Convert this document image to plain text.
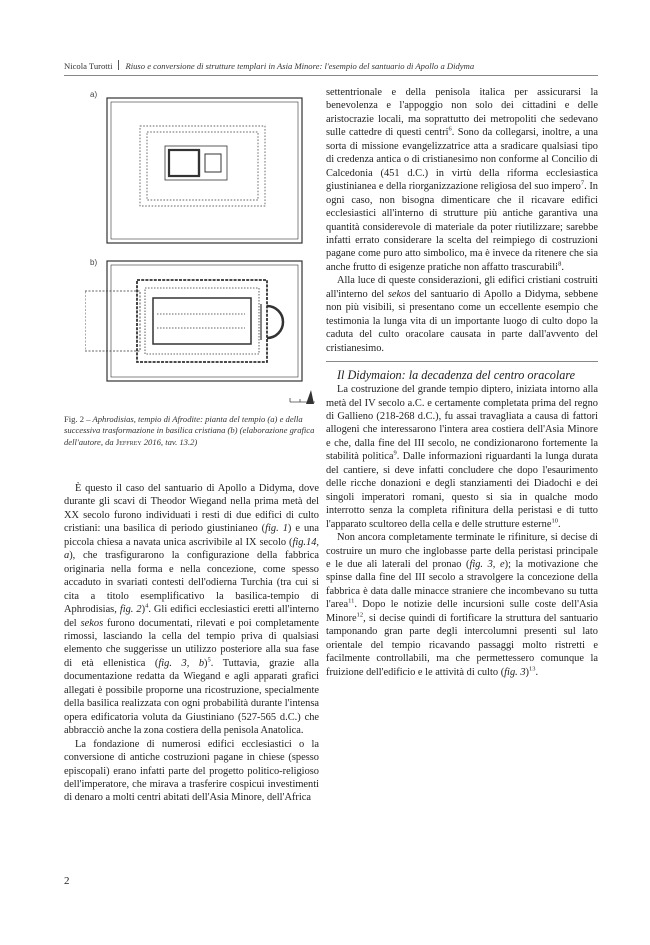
Nicola Turotti Riuso e conversione di strutture templari in Asia Minore: l'esempio del santuario di Apollo a Didyma
a)
b)
Fig. 2 – Aphrodisias, tempio di Afrodite: pianta del tempio (a) e della successiva trasformazione in basilica cristiana (b) (elaborazione grafica dell'autore, da Jeffrey 2016, tav. 13.2)

settentrionale e della penisola italica per assicurarsi la benevolenza e l'appoggio non solo dei cittadini e delle aristocrazie locali, ma soprattutto dei metropoliti che sedevano sulle cattedre di questi centri$^6$. Sono da collegarsi, inoltre, a una sorta di missione evangelizzatrice atta a sradicare qualsiasi tipo di credenza antica o di cristianesimo non conforme al Concilio di Calcedonia (451 d.C.) in virtù della riforma ecclesiastica giustinianea e della riorganizzazione religiosa del suo impero$^7$. In ogni caso, non bisogna dimenticare che il ricavare edifici ecclesiastici all'interno di strutture più antiche garantiva una quantità considerevole di materiale da poter riutilizzare; sarebbe infatti errato considerare la scelta del reimpiego di costruzioni pagane come puro atto simbolico, ma è invece da ritenere che sia anche frutto di esigenze pratiche non affatto trascurabili$^8$.

Alla luce di queste considerazioni, gli edifici cristiani costruiti all'interno del sekos del santuario di Apollo a Didyma, sebbene non più visibili, si presentano come un eccellente esempio che testimonia la lunga vita di un importante luogo di culto dopo la caduta del culto oracolare causata in parte dall'avvento del cristianesimo.

Il Didymaion: la decadenza del centro oracolare

La costruzione del grande tempio diptero, iniziata intorno alla metà del IV secolo a.C. e certamente completata prima del regno di Gallieno (218-268 d.C.), fu assai travagliata a causa di fattori allogeni che interessarono l'intera area costiera dell'Asia Minore e che, dalla fine del III secolo, ne condizionarono fortemente la stabilità politica$^9$. Dalle informazioni riguardanti la lunga durata del cantiere, si deve infatti concludere che dopo l'esaurimento delle ricche donazioni e degli stanziamenti dei Diadochi e dei singoli imperatori romani, questo si sia in qualche modo interrotto senza la completa rifinitura della peristasi e di tutto l'apparato scultoreo della cella e delle strutture esterne$^{10}$.

Non ancora completamente terminate le rifiniture, si decise di costruire un muro che inglobasse parte della peristasi principale e le due ali laterali del pronao (fig. 3, e); la motivazione che spinse dalla fine del III secolo a stravolgere la concezione della fabbrica è data dalle minacce straniere che incombevano su tutta l'area$^{11}$. Dopo le notizie delle incursioni sulle coste dell'Asia Minore$^{12}$, si decise quindi di fortificare la struttura del santuario tamponando gran parte degli intercolumni presenti sul lato orientale del tempio ricavando passaggi molto ristretti e facilmente controllabili, ma che permettessero comunque la fruizione dell'edificio e le attività di culto (fig. 3)$^{13}$.

È questo il caso del santuario di Apollo a Didyma, dove durante gli scavi di Theodor Wiegand nella prima metà del XX secolo furono individuati i resti di due edifici di culto cristiani: una basilica di periodo giustinianeo (fig. 1) e una piccola chiesa a navata unica ascrivibile al IX secolo (fig.14, a), che trasfigurarono la configurazione della fabbrica originaria nella forma e nella concezione, come spesso accaduto in svariati contesti dell'odierna Turchia (tra cui si cita a titolo esemplificativo la basilica-tempio di Aphrodisias, fig. 2)$^4$. Gli edifici ecclesiastici eretti all'interno del sekos furono documentati, rilevati e poi completamente rimossi, lasciando la cella del tempio priva di qualsiasi elemento che suggerisse un utilizzo posteriore alla sua fase di età ellenistica (fig. 3, b)$^5$. Tuttavia, grazie alla documentazione redatta da Wiegand e agli apparati grafici allegati è possibile proporne una ricostruzione, specialmente della basilica realizzata con ogni probabilità durante l'intensa opera edificatoria voluta da Giustiniano (527-565 d.C.) che abbracciò anche la zona costiera della penisola Anatolica.

La fondazione di numerosi edifici ecclesiastici o la conversione di antiche costruzioni pagane in chiese (spesso episcopali) erano infatti parte del progetto politico-religioso dell'imperatore, che mirava a trasferire cospicui investimenti di denaro a molti centri abitati dell'Asia Minore, dell'Africa

2
